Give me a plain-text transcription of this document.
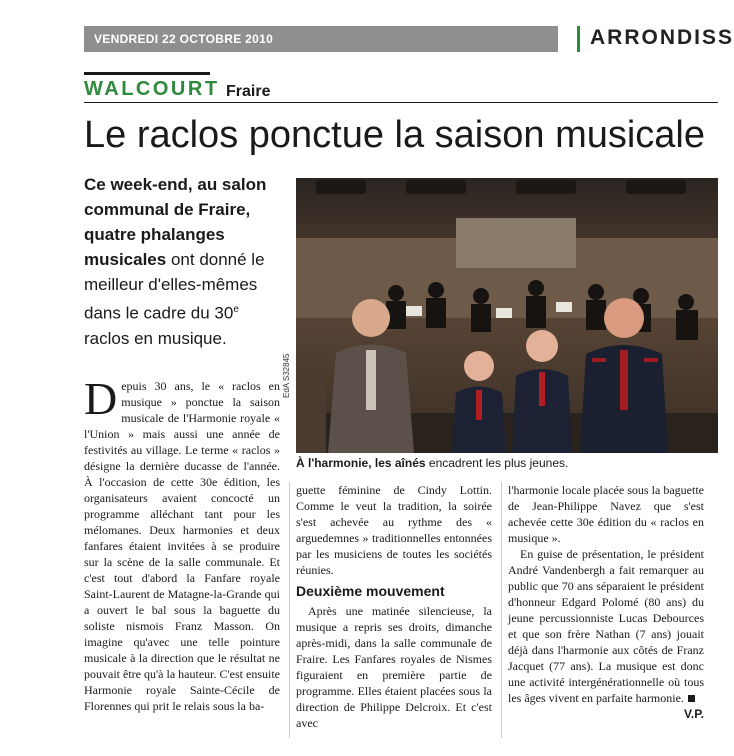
VENDREDI 22 OCTOBRE 2010	ARRONDISS
WALCOURT Fraire
Le raclos ponctue la saison musicale
Ce week-end, au salon communal de Fraire, quatre phalanges musicales ont donné le meilleur d'elles-mêmes dans le cadre du 30e raclos en musique.
EdA S32845
À l'harmonie, les aînés encadrent les plus jeunes.

Depuis 30 ans, le « raclos en musique » ponctue la saison musicale de l'Harmonie royale « l'Union » mais aussi une année de festivités au village. Le terme « raclos » désigne la dernière ducasse de l'année. À l'occasion de cette 30e édition, les organisateurs avaient concocté un programme alléchant tant pour les mélomanes. Deux harmonies et deux fanfares étaient invitées à se produire sur la scène de la salle communale. Et c'est tout d'abord la Fanfare royale Saint-Laurent de Matagne-la-Grande qui a ouvert le bal sous la baguette du soliste nismois Franz Masson. On imagine qu'avec une telle pointure musicale à la direction que le résultat ne pouvait être qu'à la hauteur. C'est ensuite Harmonie royale Sainte-Cécile de Florennes qui prit le relais sous la ba-

guette féminine de Cindy Lottin. Comme le veut la tradition, la soirée s'est achevée au rythme des « arguedemnes » traditionnelles entonnées par les musiciens de toutes les sociétés réunies.

Deuxième mouvement

Après une matinée silencieuse, la musique a repris ses droits, dimanche après-midi, dans la salle communale de Fraire. Les Fanfares royales de Nismes figuraient en première partie de programme. Elles étaient placées sous la direction de Philippe Delcroix. Et c'est avec

l'harmonie locale placée sous la baguette de Jean-Philippe Navez que s'est achevée cette 30e édition du « raclos en musique ».

En guise de présentation, le président André Vandenbergh a fait remarquer au public que 70 ans séparaient le président d'honneur Edgard Polomé (80 ans) du jeune percussionniste Lucas Debources et que son frère Nathan (7 ans) jouait déjà dans l'harmonie aux côtés de Franz Jacquet (77 ans). La musique est donc une activité intergénérationnelle où tous les âges vivent en parfaite harmonie.
V.P.
